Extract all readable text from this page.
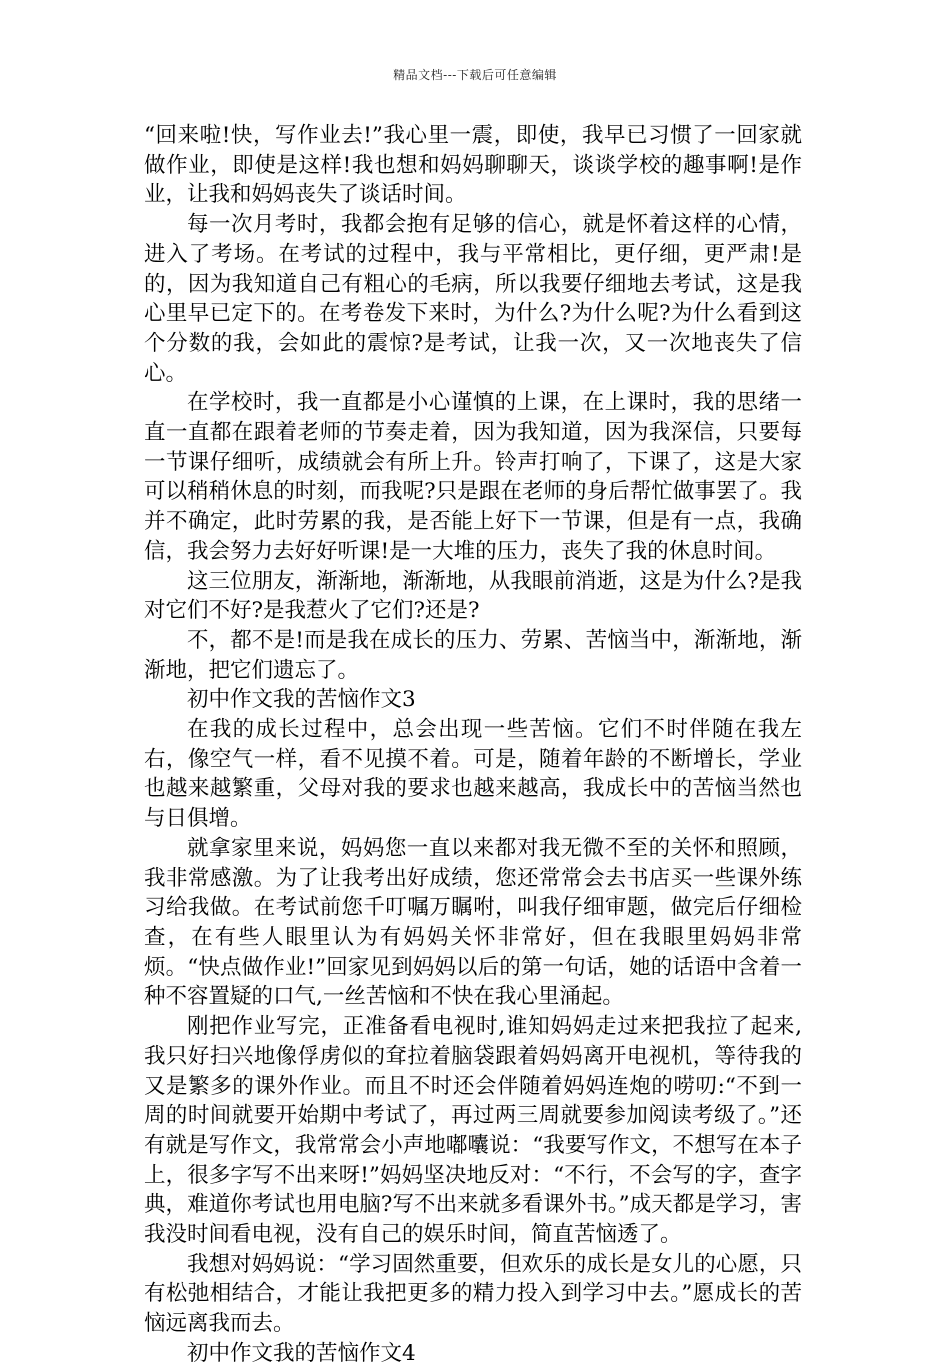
精品文档---下载后可任意编辑

“回来啦!快，写作业去!”我心里一震，即使，我早已习惯了一回家就做作业，即使是这样!我也想和妈妈聊聊天，谈谈学校的趣事啊!是作业，让我和妈妈丧失了谈话时间。

每一次月考时，我都会抱有足够的信心，就是怀着这样的心情，进入了考场。在考试的过程中，我与平常相比，更仔细，更严肃!是的，因为我知道自己有粗心的毛病，所以我要仔细地去考试，这是我心里早已定下的。在考卷发下来时，为什么?为什么呢?为什么看到这个分数的我，会如此的震惊?是考试，让我一次，又一次地丧失了信心。

在学校时，我一直都是小心谨慎的上课，在上课时，我的思绪一直一直都在跟着老师的节奏走着，因为我知道，因为我深信，只要每一节课仔细听，成绩就会有所上升。铃声打响了，下课了，这是大家可以稍稍休息的时刻，而我呢?只是跟在老师的身后帮忙做事罢了。我并不确定，此时劳累的我，是否能上好下一节课，但是有一点，我确信，我会努力去好好听课!是一大堆的压力，丧失了我的休息时间。

这三位朋友，渐渐地，渐渐地，从我眼前消逝，这是为什么?是我对它们不好?是我惹火了它们?还是?

不，都不是!而是我在成长的压力、劳累、苦恼当中，渐渐地，渐渐地，把它们遗忘了。

初中作文我的苦恼作文3

在我的成长过程中，总会出现一些苦恼。它们不时伴随在我左右，像空气一样，看不见摸不着。可是，随着年龄的不断增长，学业也越来越繁重，父母对我的要求也越来越高，我成长中的苦恼当然也与日俱增。

就拿家里来说，妈妈您一直以来都对我无微不至的关怀和照顾，我非常感激。为了让我考出好成绩，您还常常会去书店买一些课外练习给我做。在考试前您千叮嘱万瞩咐，叫我仔细审题，做完后仔细检查，在有些人眼里认为有妈妈关怀非常好，但在我眼里妈妈非常烦。“快点做作业!”回家见到妈妈以后的第一句话，她的话语中含着一种不容置疑的口气,一丝苦恼和不快在我心里涌起。

刚把作业写完，正准备看电视时,谁知妈妈走过来把我拉了起来,我只好扫兴地像俘虏似的耷拉着脑袋跟着妈妈离开电视机，等待我的又是繁多的课外作业。而且不时还会伴随着妈妈连炮的唠叨:“不到一周的时间就要开始期中考试了，再过两三周就要参加阅读考级了。”还有就是写作文，我常常会小声地嘟囔说：“我要写作文，不想写在本子上，很多字写不出来呀!”妈妈坚决地反对：“不行，不会写的字，查字典，难道你考试也用电脑?写不出来就多看课外书。”成天都是学习，害我没时间看电视，没有自己的娱乐时间，简直苦恼透了。

我想对妈妈说：“学习固然重要，但欢乐的成长是女儿的心愿，只有松弛相结合，才能让我把更多的精力投入到学习中去。”愿成长的苦恼远离我而去。

初中作文我的苦恼作文4
